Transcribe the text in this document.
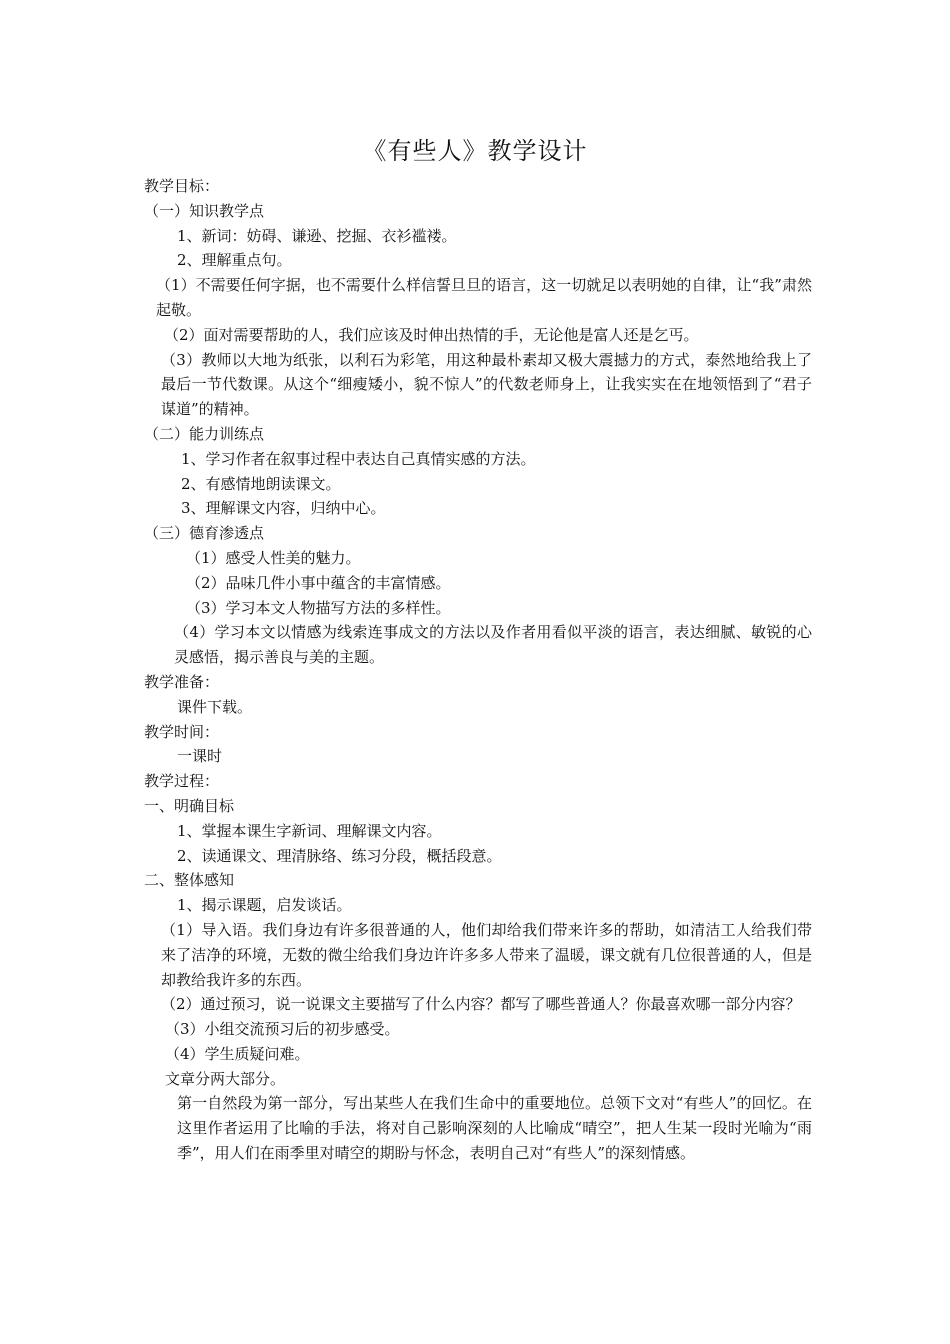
《有些人》教学设计

教学目标：

（一）知识教学点

1、新词：妨碍、谦逊、挖掘、衣衫褴褛。

2、理解重点句。

（1）不需要任何字据，也不需要什么样信誓旦旦的语言，这一切就足以表明她的自律，让“我”肃然起敬。

（2）面对需要帮助的人，我们应该及时伸出热情的手，无论他是富人还是乞丐。

（3）教师以大地为纸张，以利石为彩笔，用这种最朴素却又极大震撼力的方式，泰然地给我上了最后一节代数课。从这个“细瘦矮小，貌不惊人”的代数老师身上，让我实实在在地领悟到了“君子谋道”的精神。

（二）能力训练点

1、学习作者在叙事过程中表达自己真情实感的方法。

2、有感情地朗读课文。

3、理解课文内容，归纳中心。

（三）德育渗透点

（1）感受人性美的魅力。

（2）品味几件小事中蕴含的丰富情感。

（3）学习本文人物描写方法的多样性。

（4）学习本文以情感为线索连事成文的方法以及作者用看似平淡的语言，表达细腻、敏锐的心灵感悟，揭示善良与美的主题。

教学准备：

课件下载。

教学时间：

一课时

教学过程：

一、明确目标

1、掌握本课生字新词、理解课文内容。

2、读通课文、理清脉络、练习分段，概括段意。

二、整体感知

1、揭示课题，启发谈话。

（1）导入语。我们身边有许多很普通的人，他们却给我们带来许多的帮助，如清洁工人给我们带来了洁净的环境，无数的微尘给我们身边许许多多人带来了温暖，课文就有几位很普通的人，但是却教给我许多的东西。

（2）通过预习，说一说课文主要描写了什么内容？都写了哪些普通人？你最喜欢哪一部分内容？

（3）小组交流预习后的初步感受。

（4）学生质疑问难。

文章分两大部分。

第一自然段为第一部分，写出某些人在我们生命中的重要地位。总领下文对“有些人”的回忆。在这里作者运用了比喻的手法，将对自己影响深刻的人比喻成“晴空”，把人生某一段时光喻为“雨季”，用人们在雨季里对晴空的期盼与怀念，表明自己对“有些人”的深刻情感。
